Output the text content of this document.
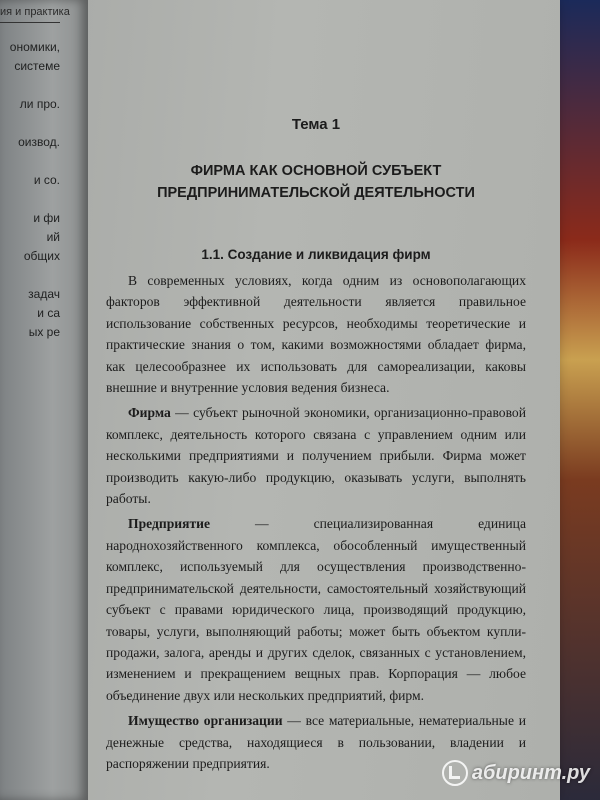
Тема 1
ФИРМА КАК ОСНОВНОЙ СУБЪЕКТ
ПРЕДПРИНИМАТЕЛЬСКОЙ ДЕЯТЕЛЬНОСТИ
1.1. Создание и ликвидация фирм

В современных условиях, когда одним из основополагающих факторов эффективной деятельности является правильное использование собственных ресурсов, необходимы теоретические и практические знания о том, какими возможностями обладает фирма, как целесообразнее их использовать для самореализации, каковы внешние и внутренние условия ведения бизнеса.

Фирма — субъект рыночной экономики, организационно-правовой комплекс, деятельность которого связана с управлением одним или несколькими предприятиями и получением прибыли. Фирма может производить какую-либо продукцию, оказывать услуги, выполнять работы.

Предприятие — специализированная единица народнохозяйственного комплекса, обособленный имущественный комплекс, используемый для осуществления производственно-предпринимательской деятельности, самостоятельный хозяйствующий субъект с правами юридического лица, производящий продукцию, товары, услуги, выполняющий работы; может быть объектом купли-продажи, залога, аренды и других сделок, связанных с установлением, изменением и прекращением вещных прав. Корпорация — любое объединение двух или нескольких предприятий, фирм.

Имущество организации — все материальные, нематериальные и денежные средства, находящиеся в пользовании, владении и распоряжении предприятия.

ия и практика
ономики,
системе
ли про.
оизвод.
и со.
и фи
ий
общих
задач
и са
ых ре
абиринт.ру
